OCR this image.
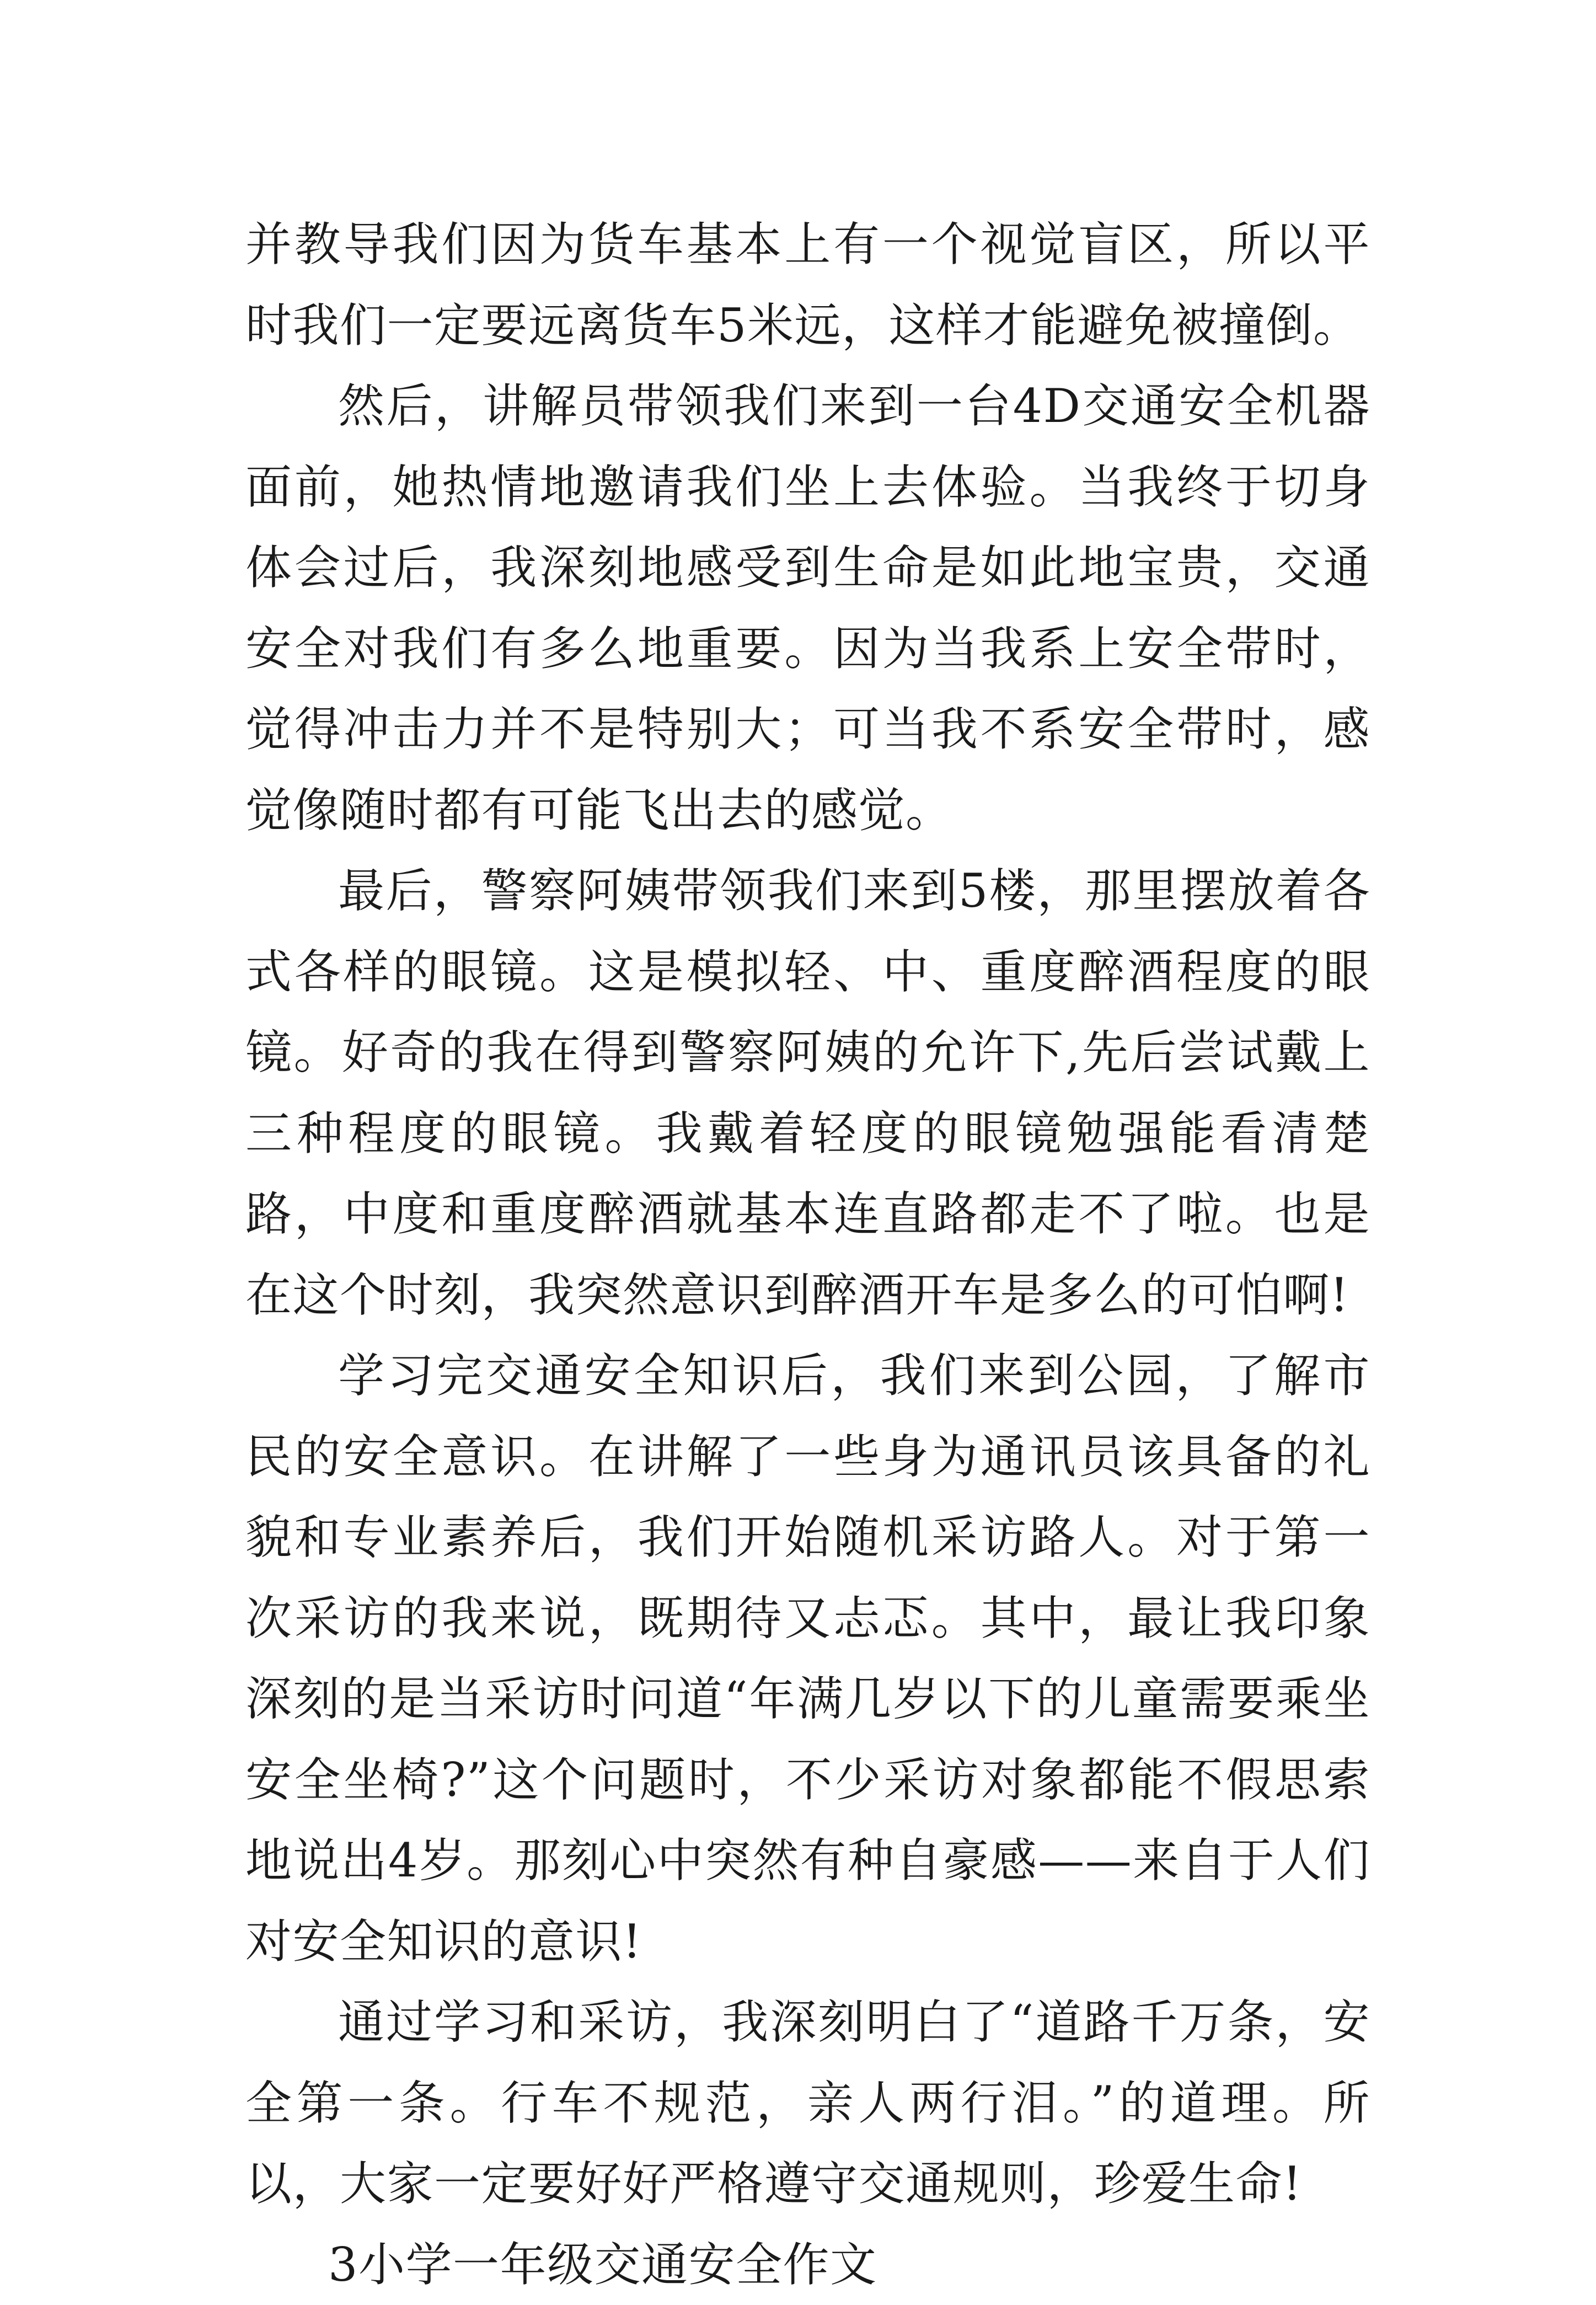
并教导我们因为货车基本上有一个视觉盲区，所以平时我们一定要远离货车5米远，这样才能避免被撞倒。

然后，讲解员带领我们来到一台4D交通安全机器面前，她热情地邀请我们坐上去体验。当我终于切身体会过后，我深刻地感受到生命是如此地宝贵，交通安全对我们有多么地重要。因为当我系上安全带时，觉得冲击力并不是特别大；可当我不系安全带时，感觉像随时都有可能飞出去的感觉。

最后，警察阿姨带领我们来到5楼，那里摆放着各式各样的眼镜。这是模拟轻、中、重度醉酒程度的眼镜。好奇的我在得到警察阿姨的允许下,先后尝试戴上三种程度的眼镜。我戴着轻度的眼镜勉强能看清楚路，中度和重度醉酒就基本连直路都走不了啦。也是在这个时刻，我突然意识到醉酒开车是多么的可怕啊!

学习完交通安全知识后，我们来到公园，了解市民的安全意识。在讲解了一些身为通讯员该具备的礼貌和专业素养后，我们开始随机采访路人。对于第一次采访的我来说，既期待又忐忑。其中，最让我印象深刻的是当采访时问道“年满几岁以下的儿童需要乘坐安全坐椅?”这个问题时，不少采访对象都能不假思索地说出4岁。那刻心中突然有种自豪感——来自于人们对安全知识的意识!

通过学习和采访，我深刻明白了“道路千万条，安全第一条。行车不规范，亲人两行泪。”的道理。所以，大家一定要好好严格遵守交通规则，珍爱生命!

3小学一年级交通安全作文
